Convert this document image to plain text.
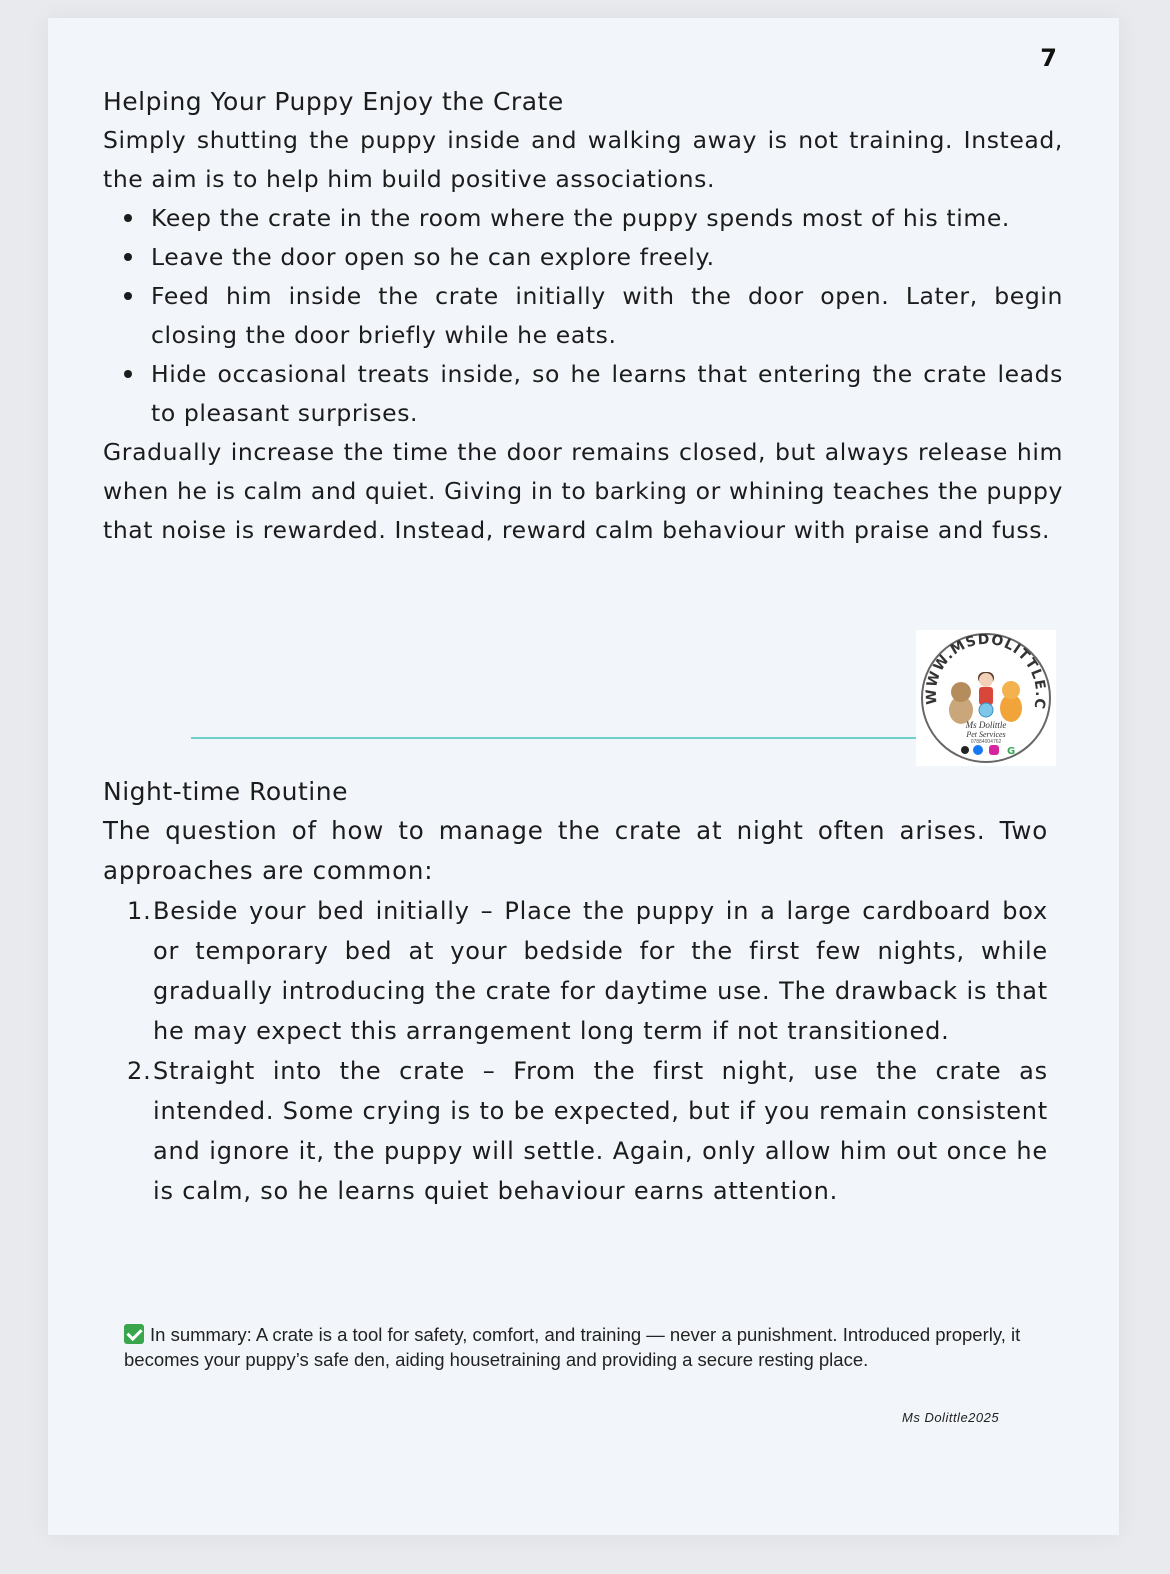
7
Helping Your Puppy Enjoy the Crate

Simply shutting the puppy inside and walking away is not training. Instead, the aim is to help him build positive associations.

Keep the crate in the room where the puppy spends most of his time.
Leave the door open so he can explore freely.
Feed him inside the crate initially with the door open. Later, begin closing the door briefly while he eats.
Hide occasional treats inside, so he learns that entering the crate leads to pleasant surprises.

Gradually increase the time the door remains closed, but always release him when he is calm and quiet. Giving in to barking or whining teaches the puppy that noise is rewarded. Instead, reward calm behaviour with praise and fuss.

WWW.MSDOLITTLE.C
Ms Dolittle
Pet Services
07884004762
G
Night-time Routine

The question of how to manage the crate at night often arises. Two approaches are common:

1. Beside your bed initially – Place the puppy in a large cardboard box or temporary bed at your bedside for the first few nights, while gradually introducing the crate for daytime use. The drawback is that he may expect this arrangement long term if not transitioned.
2. Straight into the crate – From the first night, use the crate as intended. Some crying is to be expected, but if you remain consistent and ignore it, the puppy will settle. Again, only allow him out once he is calm, so he learns quiet behaviour earns attention.
In summary: A crate is a tool for safety, comfort, and training — never a punishment. Introduced properly, it becomes your puppy’s safe den, aiding housetraining and providing a secure resting place.
Ms Dolittle2025
